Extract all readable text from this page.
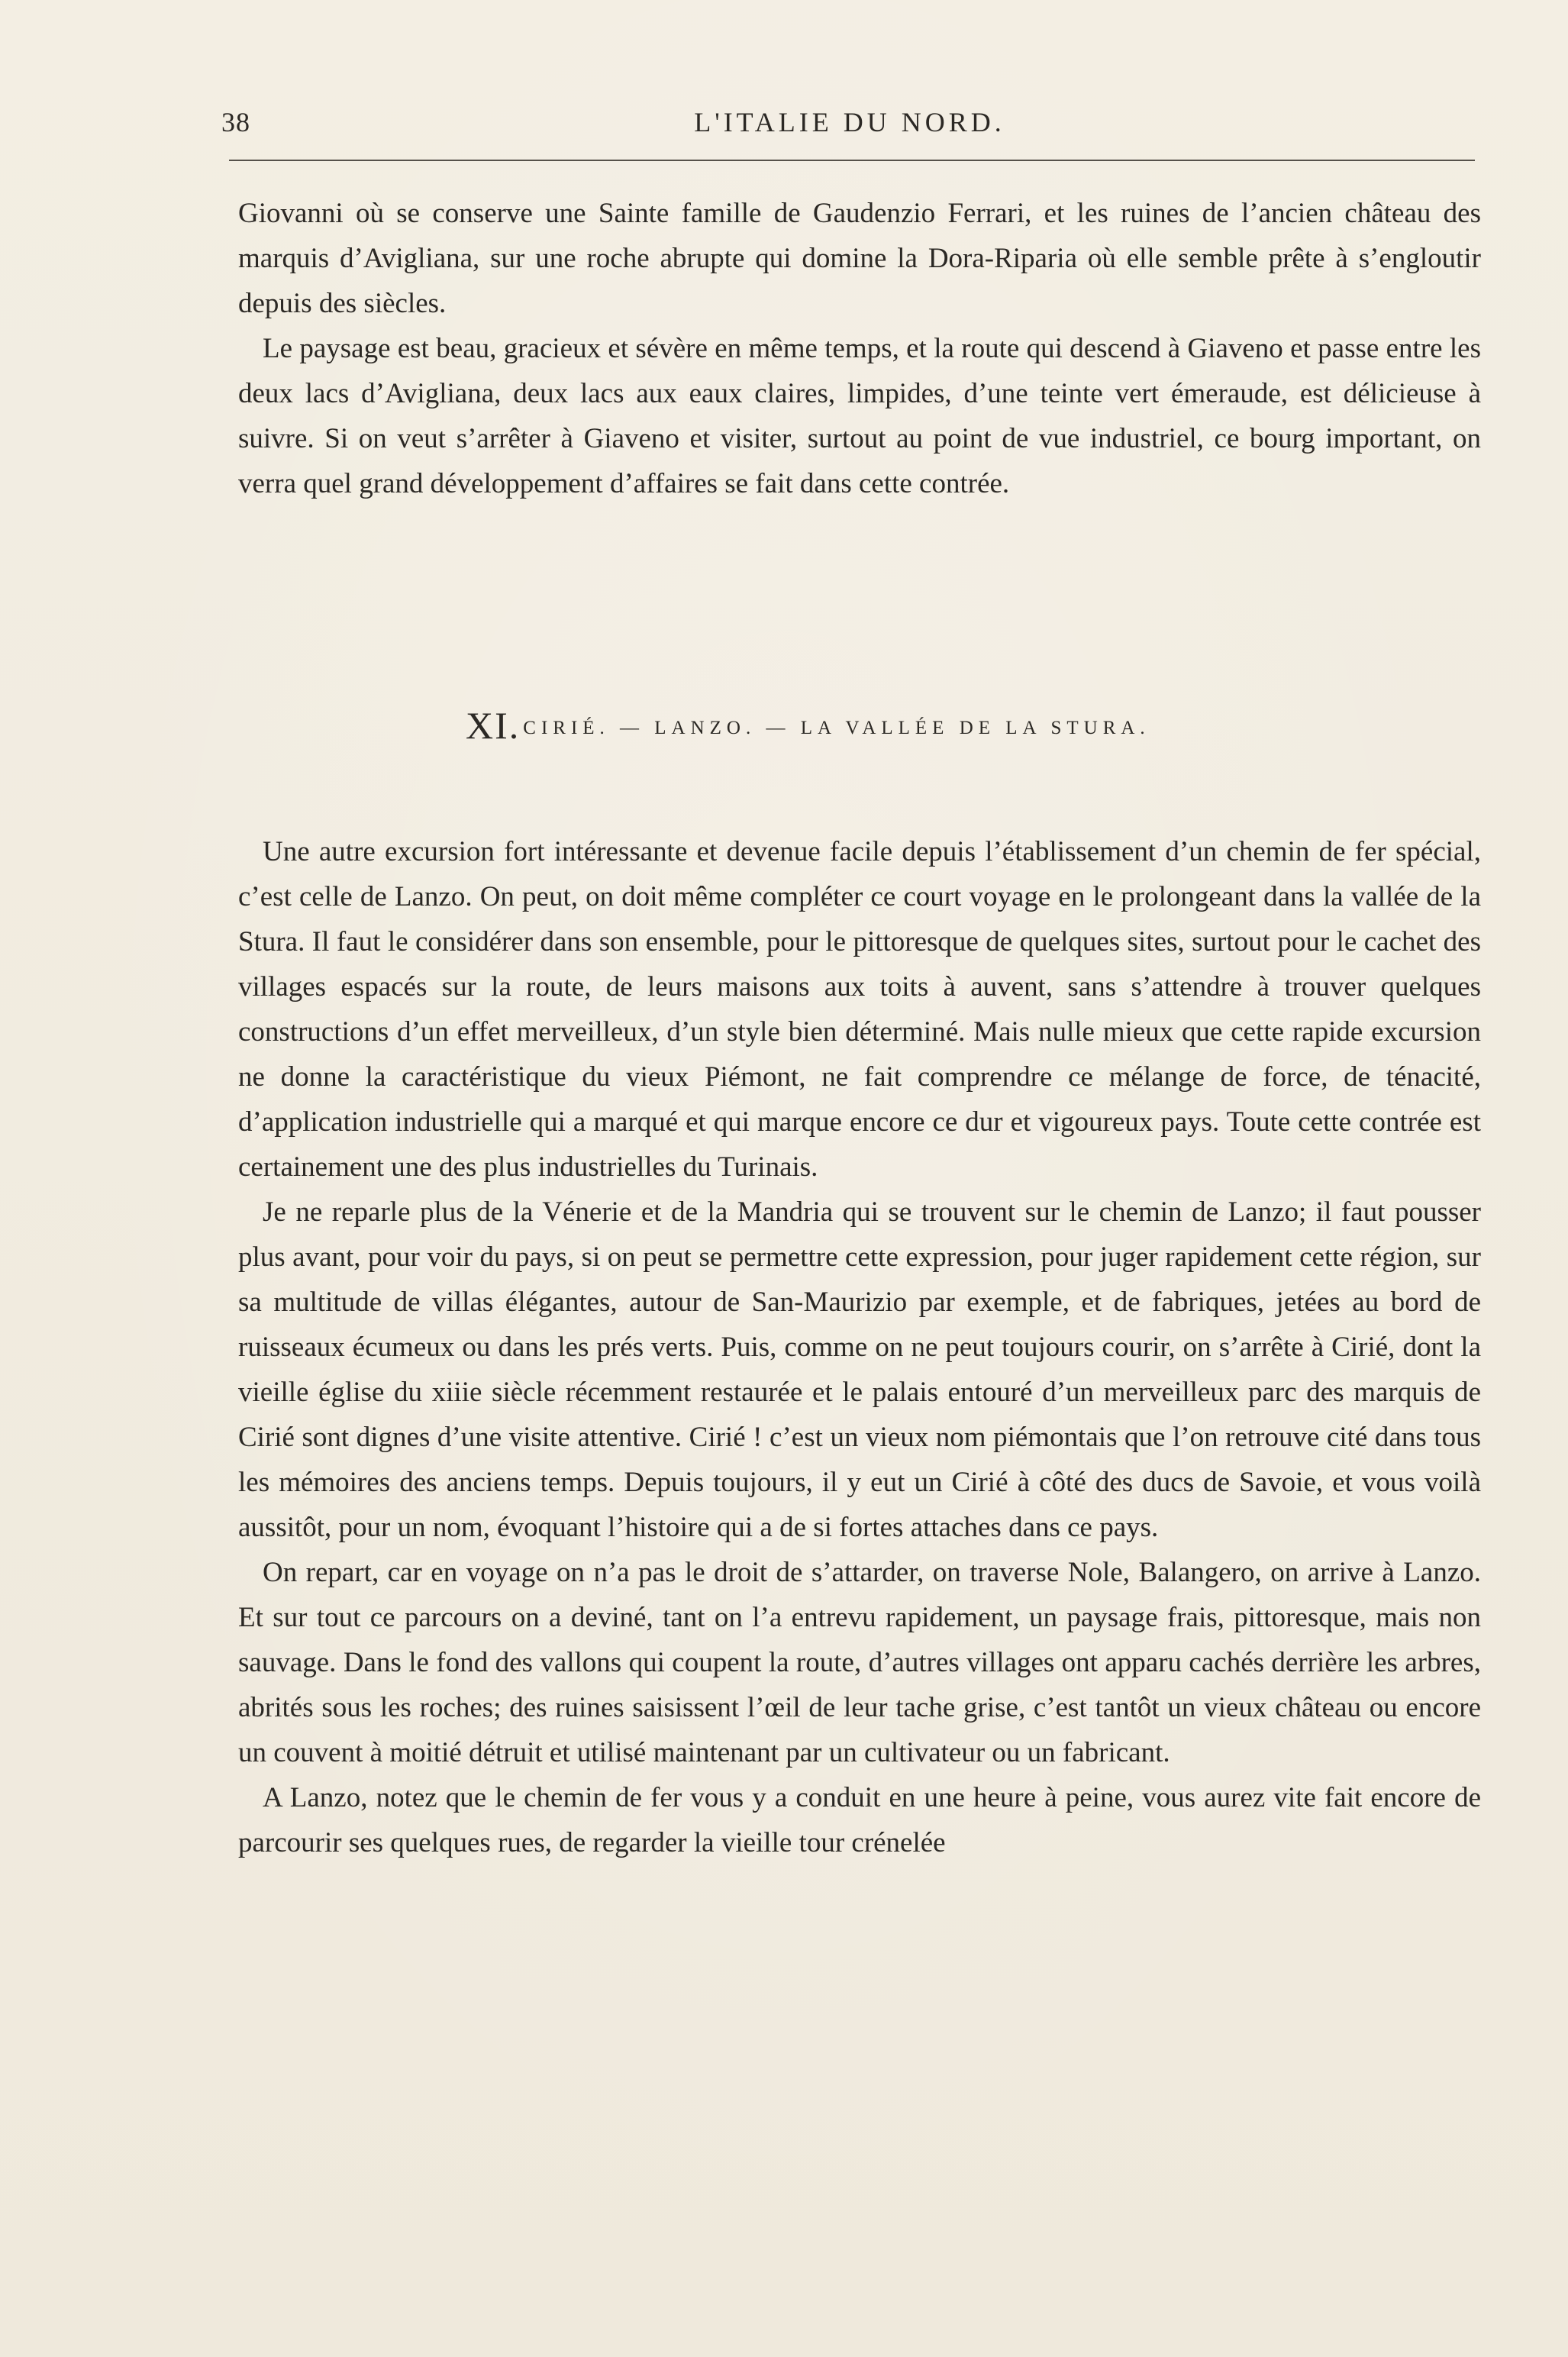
38	L'ITALIE DU NORD.

Giovanni où se conserve une Sainte famille de Gaudenzio Ferrari, et les ruines de l’ancien château des marquis d’Avigliana, sur une roche abrupte qui domine la Dora-Riparia où elle semble prête à s’engloutir depuis des siècles.

Le paysage est beau, gracieux et sévère en même temps, et la route qui descend à Giaveno et passe entre les deux lacs d’Avigliana, deux lacs aux eaux claires, limpides, d’une teinte vert émeraude, est délicieuse à suivre. Si on veut s’arrêter à Giaveno et visiter, surtout au point de vue industriel, ce bourg important, on verra quel grand développement d’affaires se fait dans cette contrée.

XI. CIRIÉ. — LANZO. — LA VALLÉE DE LA STURA.

Une autre excursion fort intéressante et devenue facile depuis l’établissement d’un chemin de fer spécial, c’est celle de Lanzo. On peut, on doit même compléter ce court voyage en le prolongeant dans la vallée de la Stura. Il faut le considérer dans son ensemble, pour le pittoresque de quelques sites, surtout pour le cachet des villages espacés sur la route, de leurs maisons aux toits à auvent, sans s’attendre à trouver quelques constructions d’un effet merveilleux, d’un style bien déterminé. Mais nulle mieux que cette rapide excursion ne donne la caractéristique du vieux Piémont, ne fait comprendre ce mélange de force, de ténacité, d’application industrielle qui a marqué et qui marque encore ce dur et vigoureux pays. Toute cette contrée est certainement une des plus industrielles du Turinais.

Je ne reparle plus de la Vénerie et de la Mandria qui se trouvent sur le chemin de Lanzo; il faut pousser plus avant, pour voir du pays, si on peut se permettre cette expression, pour juger rapidement cette région, sur sa multitude de villas élégantes, autour de San-Maurizio par exemple, et de fabriques, jetées au bord de ruisseaux écumeux ou dans les prés verts. Puis, comme on ne peut toujours courir, on s’arrête à Cirié, dont la vieille église du xiiie siècle récemment restaurée et le palais entouré d’un merveilleux parc des marquis de Cirié sont dignes d’une visite attentive. Cirié ! c’est un vieux nom piémontais que l’on retrouve cité dans tous les mémoires des anciens temps. Depuis toujours, il y eut un Cirié à côté des ducs de Savoie, et vous voilà aussitôt, pour un nom, évoquant l’histoire qui a de si fortes attaches dans ce pays.

On repart, car en voyage on n’a pas le droit de s’attarder, on traverse Nole, Balangero, on arrive à Lanzo. Et sur tout ce parcours on a deviné, tant on l’a entrevu rapidement, un paysage frais, pittoresque, mais non sauvage. Dans le fond des vallons qui coupent la route, d’autres villages ont apparu cachés derrière les arbres, abrités sous les roches; des ruines saisissent l’œil de leur tache grise, c’est tantôt un vieux château ou encore un couvent à moitié détruit et utilisé maintenant par un cultivateur ou un fabricant.

A Lanzo, notez que le chemin de fer vous y a conduit en une heure à peine, vous aurez vite fait encore de parcourir ses quelques rues, de regarder la vieille tour crénelée
